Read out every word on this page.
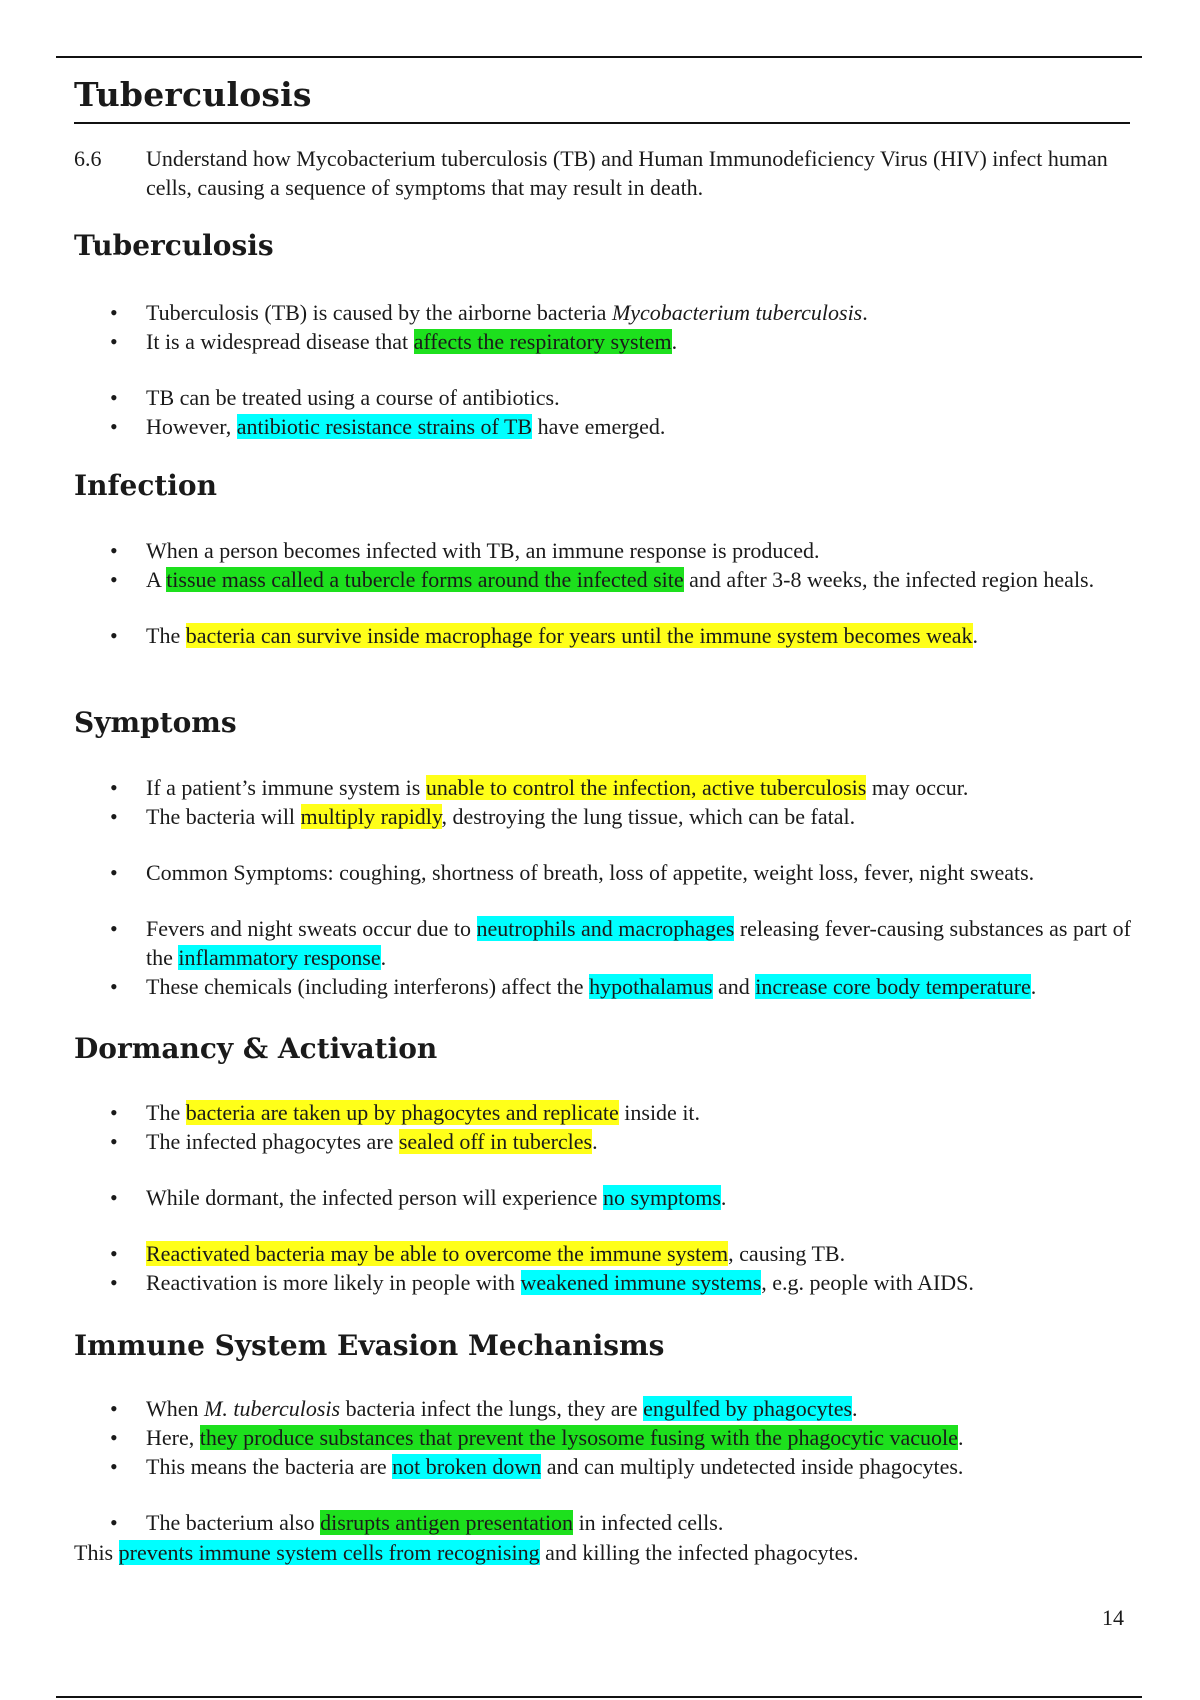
Tuberculosis
6.6 Understand how Mycobacterium tuberculosis (TB) and Human Immunodeficiency Virus (HIV) infect human cells, causing a sequence of symptoms that may result in death.
Tuberculosis
• Tuberculosis (TB) is caused by the airborne bacteria Mycobacterium tuberculosis.
• It is a widespread disease that affects the respiratory system.
• TB can be treated using a course of antibiotics.
• However, antibiotic resistance strains of TB have emerged.
Infection
• When a person becomes infected with TB, an immune response is produced.
• A tissue mass called a tubercle forms around the infected site and after 3-8 weeks, the infected region heals.
• The bacteria can survive inside macrophage for years until the immune system becomes weak.
Symptoms
• If a patient’s immune system is unable to control the infection, active tuberculosis may occur.
• The bacteria will multiply rapidly, destroying the lung tissue, which can be fatal.
• Common Symptoms: coughing, shortness of breath, loss of appetite, weight loss, fever, night sweats.
• Fevers and night sweats occur due to neutrophils and macrophages releasing fever-causing substances as part of the inflammatory response.
• These chemicals (including interferons) affect the hypothalamus and increase core body temperature.
Dormancy & Activation
• The bacteria are taken up by phagocytes and replicate inside it.
• The infected phagocytes are sealed off in tubercles.
• While dormant, the infected person will experience no symptoms.
• Reactivated bacteria may be able to overcome the immune system, causing TB.
• Reactivation is more likely in people with weakened immune systems, e.g. people with AIDS.
Immune System Evasion Mechanisms
• When M. tuberculosis bacteria infect the lungs, they are engulfed by phagocytes.
• Here, they produce substances that prevent the lysosome fusing with the phagocytic vacuole.
• This means the bacteria are not broken down and can multiply undetected inside phagocytes.
• The bacterium also disrupts antigen presentation in infected cells.
This prevents immune system cells from recognising and killing the infected phagocytes.
14
